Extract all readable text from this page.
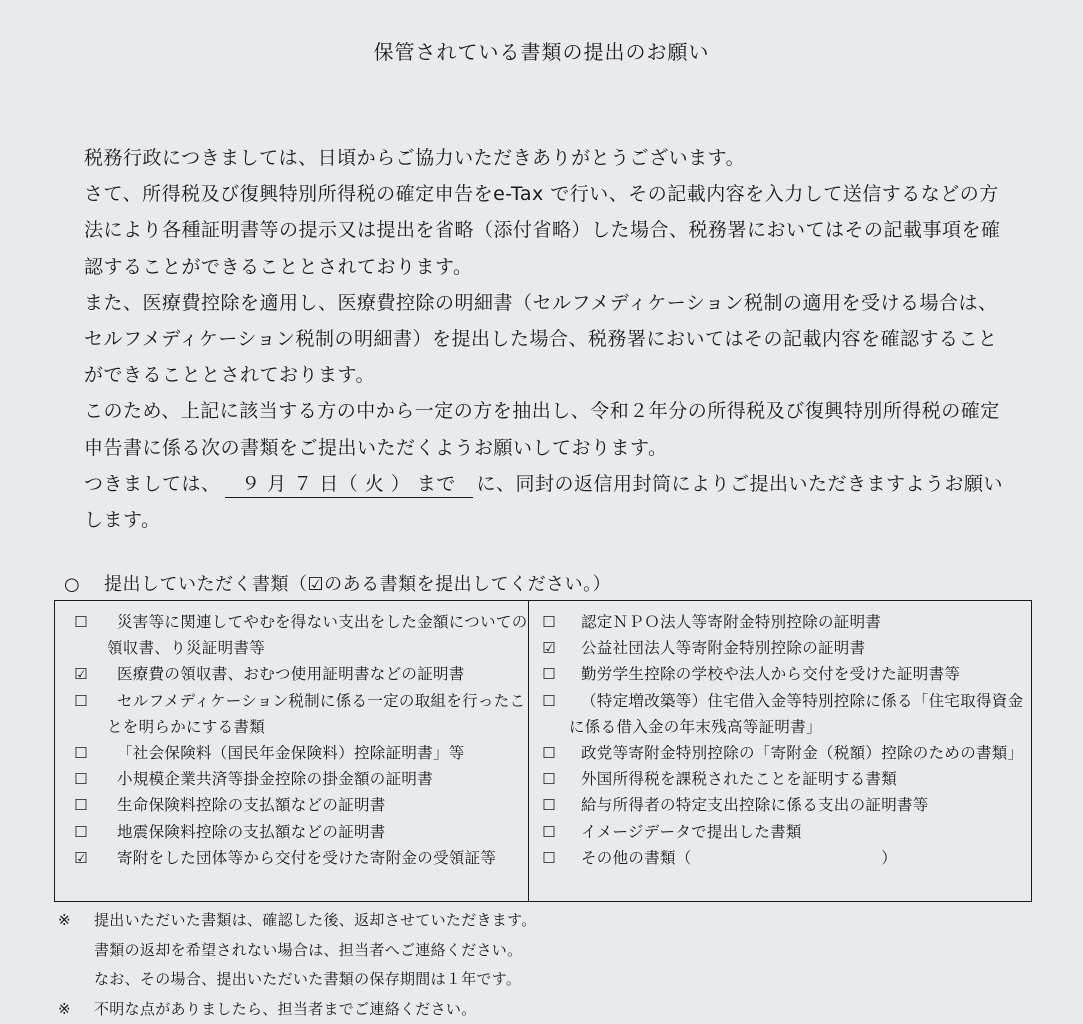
保管されている書類の提出のお願い

税務行政につきましては、日頃からご協力いただきありがとうございます。

さて、所得税及び復興特別所得税の確定申告をe-Tax で行い、その記載内容を入力して送信するなどの方法により各種証明書等の提示又は提出を省略（添付省略）した場合、税務署においてはその記載事項を確認することができることとされております。

また、医療費控除を適用し、医療費控除の明細書（セルフメディケーション税制の適用を受ける場合は、セルフメディケーション税制の明細書）を提出した場合、税務署においてはその記載内容を確認することができることとされております。

このため、上記に該当する方の中から一定の方を抽出し、令和２年分の所得税及び復興特別所得税の確定申告書に係る次の書類をご提出いただくようお願いしております。

つきましては、 ９ 月 ７ 日（ 火 ） まで に、同封の返信用封筒によりご提出いただきますようお願いします。

○ 提出していただく書類（☑のある書類を提出してください。）
☐	災害等に関連してやむを得ない支出をした金額についての領収書、り災証明書等
☑	医療費の領収書、おむつ使用証明書などの証明書
☐	セルフメディケーション税制に係る一定の取組を行ったことを明らかにする書類
☐	「社会保険料（国民年金保険料）控除証明書」等
☐	小規模企業共済等掛金控除の掛金額の証明書
☐	生命保険料控除の支払額などの証明書
☐	地震保険料控除の支払額などの証明書
☑	寄附をした団体等から交付を受けた寄附金の受領証等
☐	認定ＮＰＯ法人等寄附金特別控除の証明書
☑	公益社団法人等寄附金特別控除の証明書
☐	勤労学生控除の学校や法人から交付を受けた証明書等
☐	（特定増改築等）住宅借入金等特別控除に係る「住宅取得資金に係る借入金の年末残高等証明書」
☐	政党等寄附金特別控除の「寄附金（税額）控除のための書類」
☐	外国所得税を課税されたことを証明する書類
☐	給与所得者の特定支出控除に係る支出の証明書等
☐	イメージデータで提出した書類
☐	その他の書類（　　　　　　　　　　　　）
※	提出いただいた書類は、確認した後、返却させていただきます。
書類の返却を希望されない場合は、担当者へご連絡ください。
なお、その場合、提出いただいた書類の保存期間は１年です。
※	不明な点がありましたら、担当者までご連絡ください。
